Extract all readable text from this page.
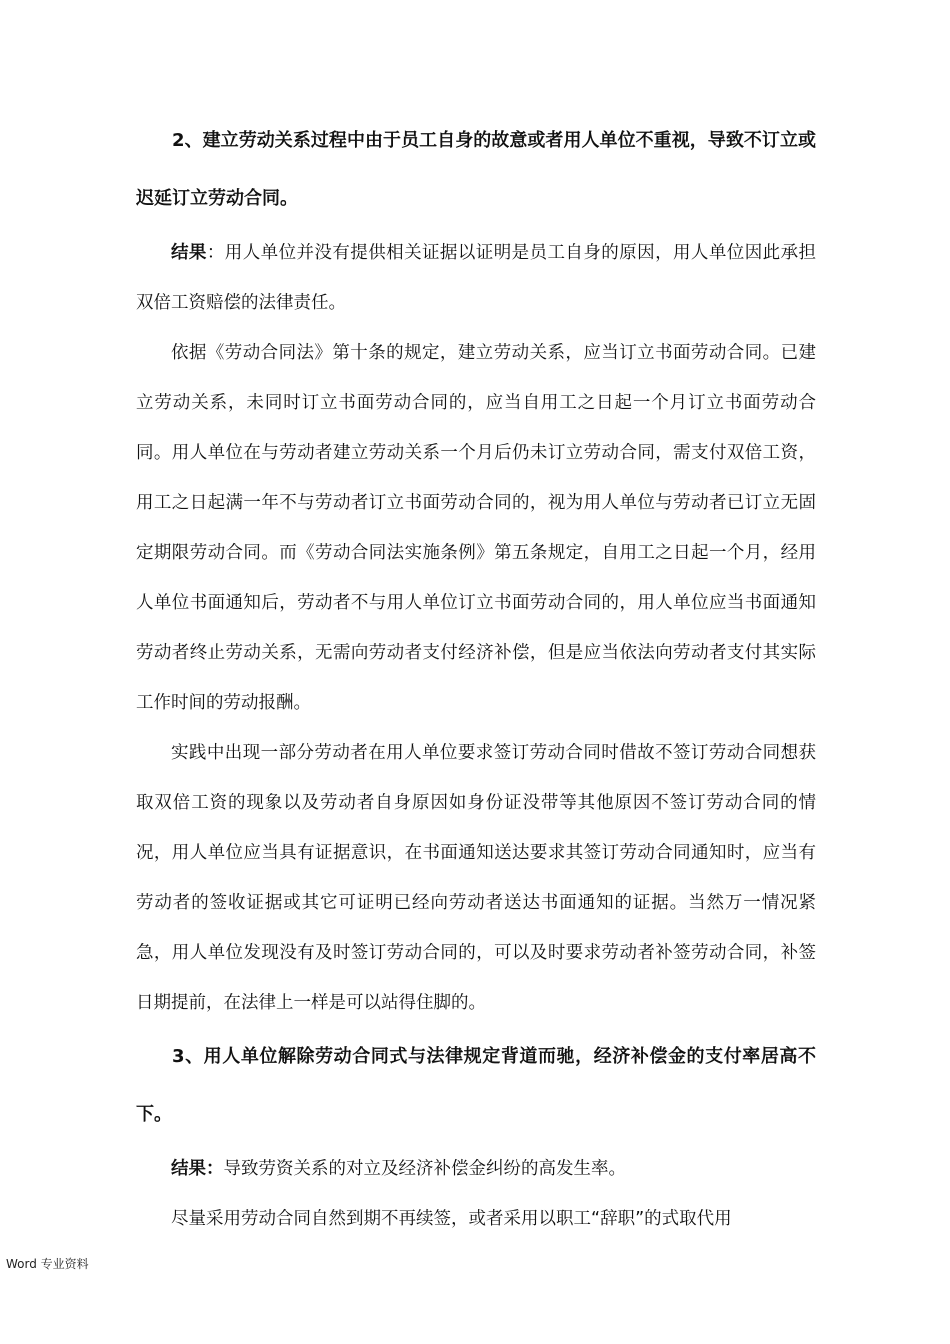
2、建立劳动关系过程中由于员工自身的故意或者用人单位不重视，导致不订立或迟延订立劳动合同。

结果：用人单位并没有提供相关证据以证明是员工自身的原因，用人单位因此承担双倍工资赔偿的法律责任。

依据《劳动合同法》第十条的规定，建立劳动关系，应当订立书面劳动合同。已建立劳动关系，未同时订立书面劳动合同的，应当自用工之日起一个月订立书面劳动合同。用人单位在与劳动者建立劳动关系一个月后仍未订立劳动合同，需支付双倍工资，用工之日起满一年不与劳动者订立书面劳动合同的，视为用人单位与劳动者已订立无固定期限劳动合同。而《劳动合同法实施条例》第五条规定，自用工之日起一个月，经用人单位书面通知后，劳动者不与用人单位订立书面劳动合同的，用人单位应当书面通知劳动者终止劳动关系，无需向劳动者支付经济补偿，但是应当依法向劳动者支付其实际工作时间的劳动报酬。

实践中出现一部分劳动者在用人单位要求签订劳动合同时借故不签订劳动合同想获取双倍工资的现象以及劳动者自身原因如身份证没带等其他原因不签订劳动合同的情况，用人单位应当具有证据意识，在书面通知送达要求其签订劳动合同通知时，应当有劳动者的签收证据或其它可证明已经向劳动者送达书面通知的证据。当然万一情况紧急，用人单位发现没有及时签订劳动合同的，可以及时要求劳动者补签劳动合同，补签日期提前，在法律上一样是可以站得住脚的。

3、用人单位解除劳动合同式与法律规定背道而驰，经济补偿金的支付率居高不下。

结果：导致劳资关系的对立及经济补偿金纠纷的高发生率。

尽量采用劳动合同自然到期不再续签，或者采用以职工“辞职”的式取代用

Word 专业资料
